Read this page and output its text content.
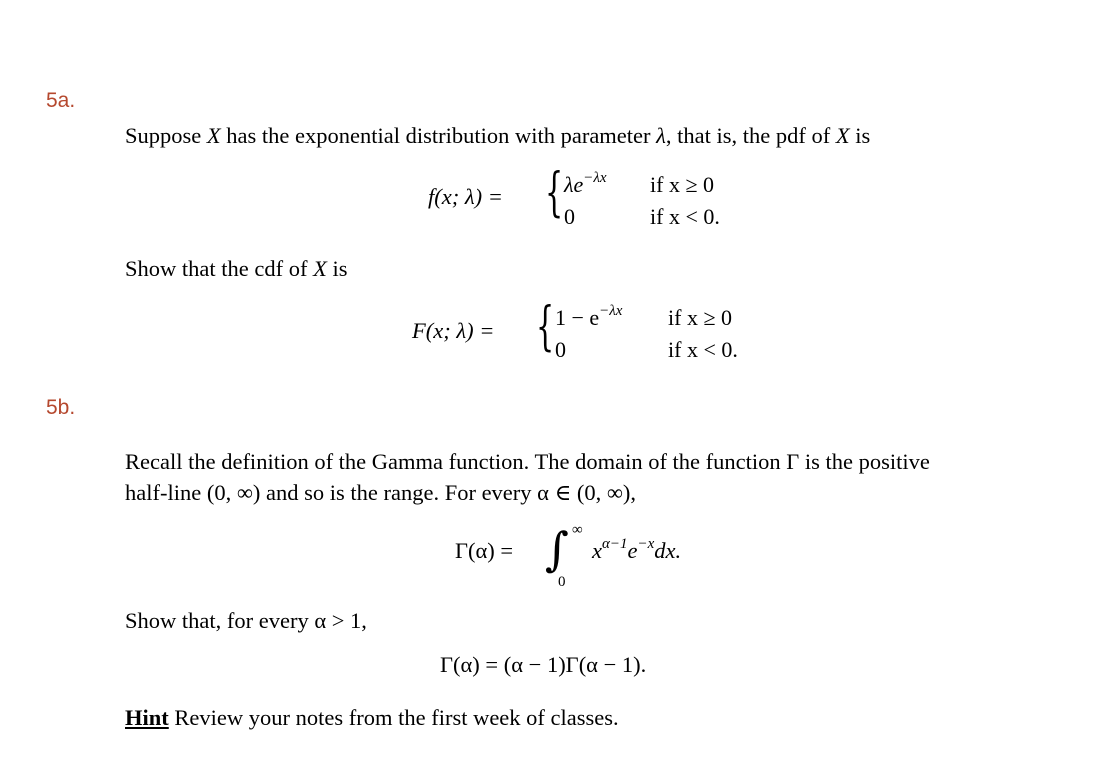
5a.
Suppose X has the exponential distribution with parameter λ, that is, the pdf of X is
f(x; λ) = { $\lambda e^{-\lambda x}$ if x ≥ 0
0	if x < 0.
Show that the cdf of X is
F(x; λ) = { $1 - e^{-\lambda x}$ if x ≥ 0
0	if x < 0.
5b.
Recall the definition of the Gamma function. The domain of the function Γ is the positive
half-line (0, ∞) and so is the range. For every α ∈ (0, ∞),
Γ(α) = ∫ ∞
0
$x^{\alpha-1}e^{-x}dx$.
Show that, for every α > 1,
Γ(α) = (α − 1)Γ(α − 1).
Hint Review your notes from the first week of classes.
